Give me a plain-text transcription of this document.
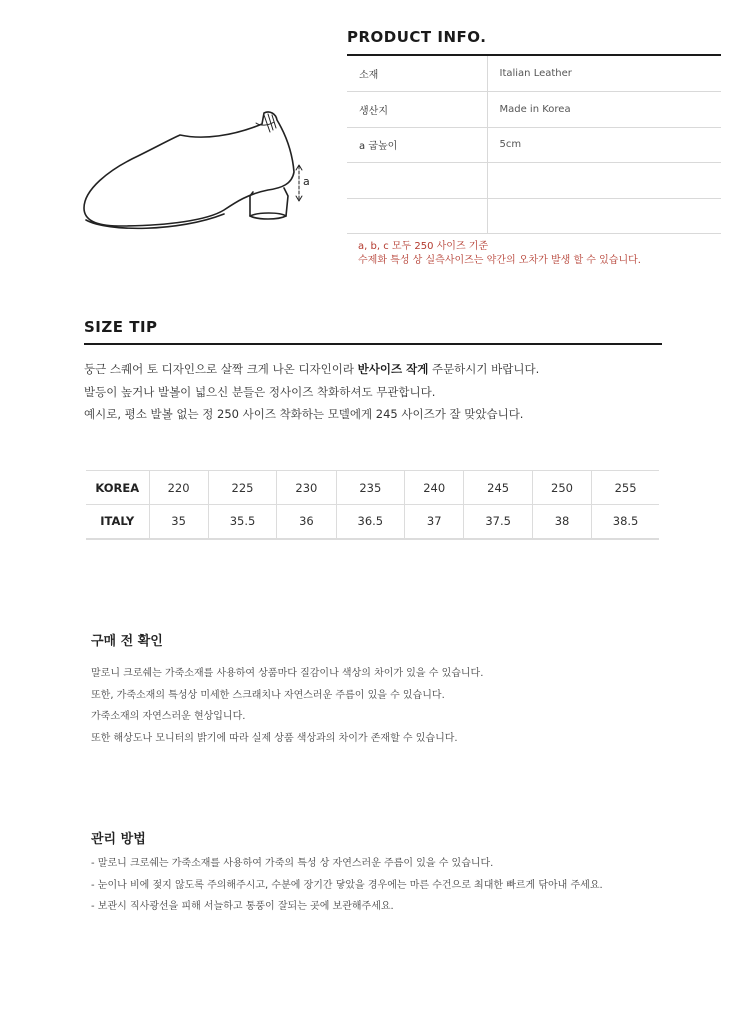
a
PRODUCT INFO.
소재	Italian Leather
생산지	Made in Korea
a 굽높이	5cm

a, b, c 모두 250 사이즈 기준
수제화 특성 상 실측사이즈는 약간의 오차가 발생 할 수 있습니다.
SIZE TIP
둥근 스퀘어 토 디자인으로 살짝 크게 나온 디자인이라 반사이즈 작게 주문하시기 바랍니다.
발등이 높거나 발볼이 넓으신 분들은 정사이즈 착화하셔도 무관합니다.
예시로, 평소 발볼 없는 정 250 사이즈 착화하는 모델에게 245 사이즈가 잘 맞았습니다.
KOREA	220	225	230	235	240	245	250	255
ITALY	35	35.5	36	36.5	37	37.5	38	38.5
구매 전 확인
말로니 크로쉐는 가죽소재를 사용하여 상품마다 질감이나 색상의 차이가 있을 수 있습니다.
또한, 가죽소재의 특성상 미세한 스크래치나 자연스러운 주름이 있을 수 있습니다.
가죽소재의 자연스러운 현상입니다.
또한 해상도나 모니터의 밝기에 따라 실제 상품 색상과의 차이가 존재할 수 있습니다.
관리 방법
- 말로니 크로쉐는 가죽소재를 사용하여 가죽의 특성 상 자연스러운 주름이 있을 수 있습니다.
- 눈이나 비에 젖지 않도록 주의해주시고, 수분에 장기간 닿았을 경우에는 마른 수건으로 최대한 빠르게 닦아내 주세요.
- 보관시 직사광선을 피해 서늘하고 통풍이 잘되는 곳에 보관해주세요.
